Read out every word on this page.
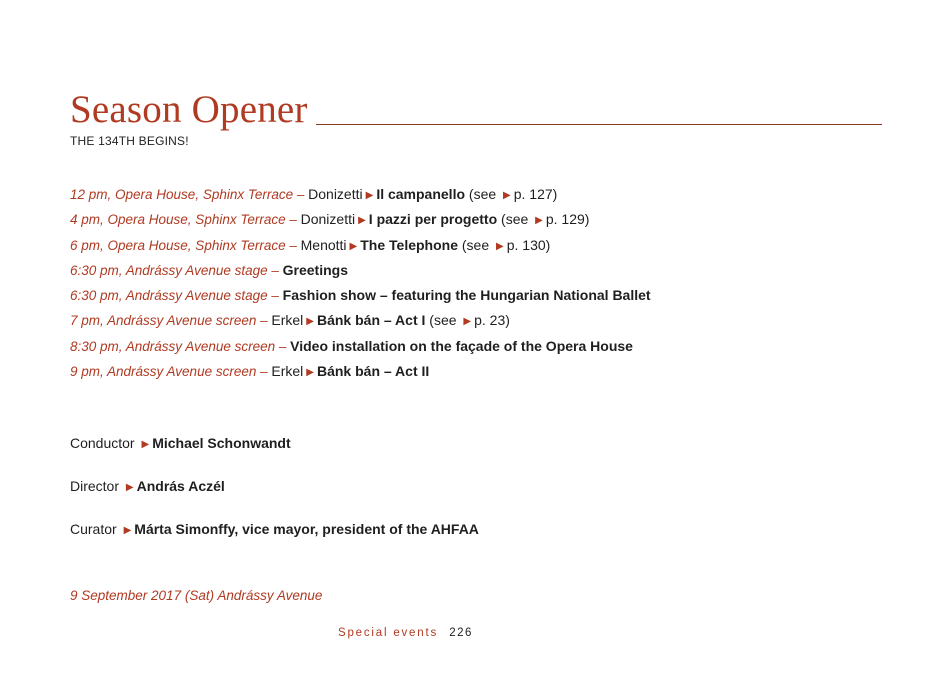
Season Opener
THE 134TH BEGINS!
12 pm, Opera House, Sphinx Terrace – Donizetti ▶ Il campanello (see ▶ p. 127)
4 pm, Opera House, Sphinx Terrace – Donizetti ▶ I pazzi per progetto (see ▶ p. 129)
6 pm, Opera House, Sphinx Terrace – Menotti ▶ The Telephone (see ▶ p. 130)
6:30 pm, Andrássy Avenue stage – Greetings
6:30 pm, Andrássy Avenue stage – Fashion show – featuring the Hungarian National Ballet
7 pm, Andrássy Avenue screen – Erkel ▶ Bánk bán – Act I (see ▶ p. 23)
8:30 pm, Andrássy Avenue screen – Video installation on the façade of the Opera House
9 pm, Andrássy Avenue screen – Erkel ▶ Bánk bán – Act II
Conductor ▶ Michael Schonwandt
Director ▶ András Aczél
Curator ▶ Márta Simonffy, vice mayor, president of the AHFAA
9 September 2017 (Sat) Andrássy Avenue
Special events 226
